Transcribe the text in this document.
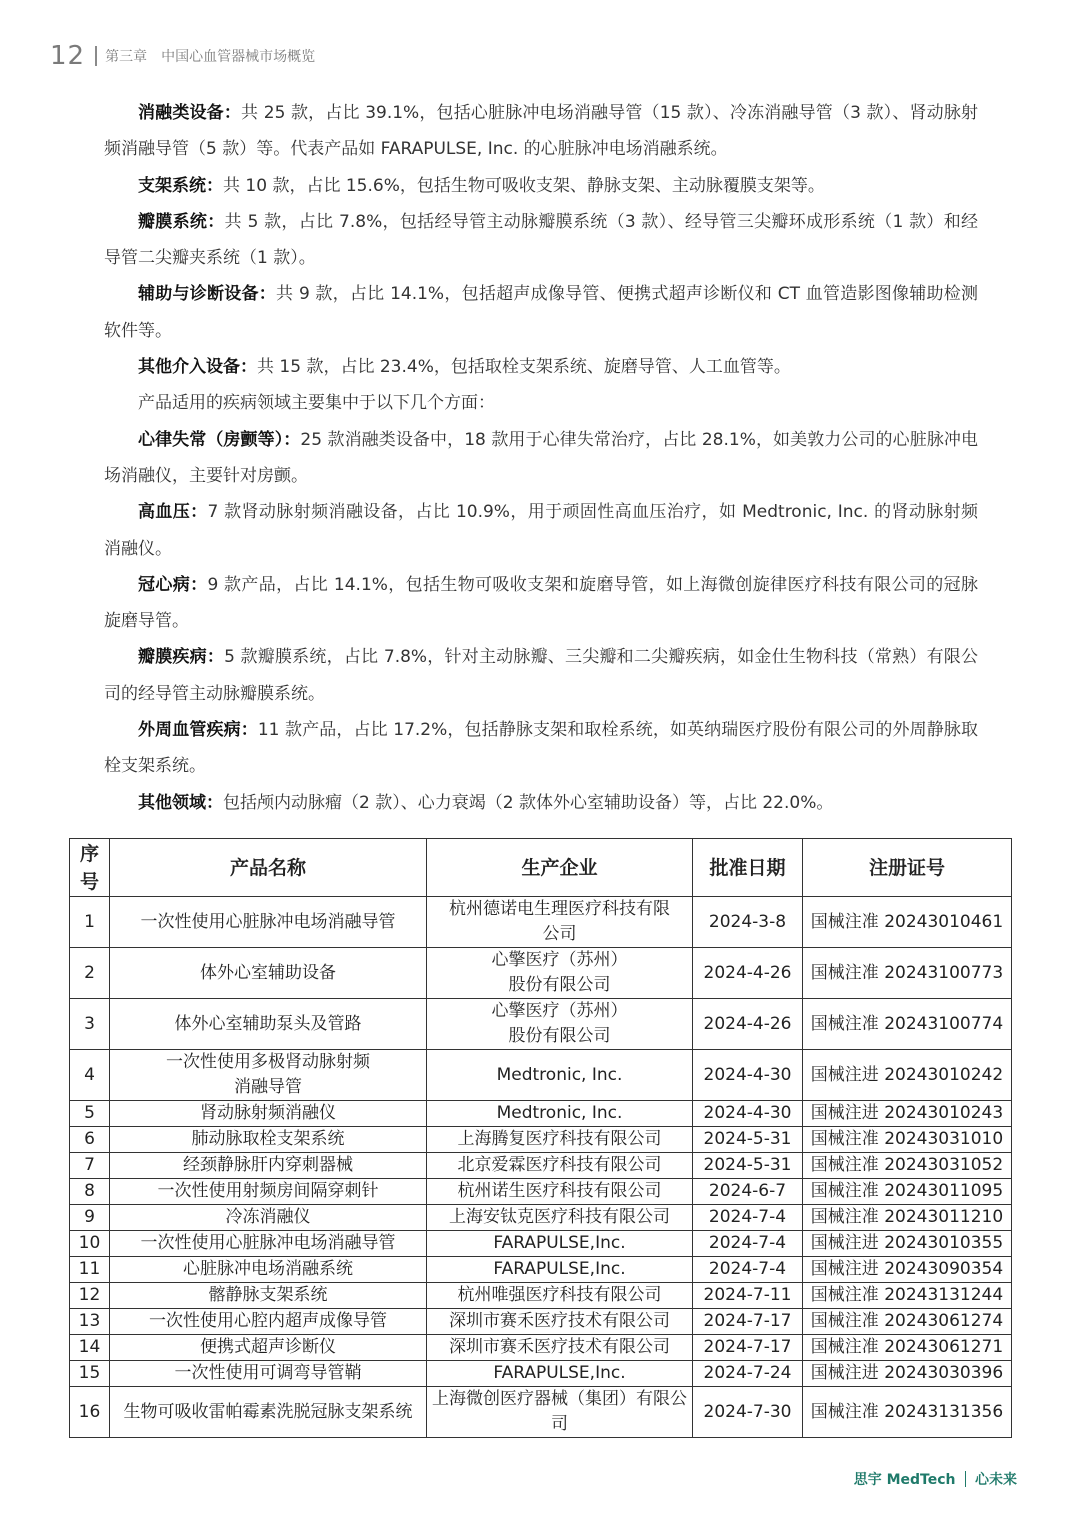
12 第三章 中国心血管器械市场概览

消融类设备：共 25 款，占比 39.1%，包括心脏脉冲电场消融导管（15 款）、冷冻消融导管（3 款）、肾动脉射频消融导管（5 款）等。代表产品如 FARAPULSE, Inc. 的心脏脉冲电场消融系统。

支架系统：共 10 款，占比 15.6%，包括生物可吸收支架、静脉支架、主动脉覆膜支架等。

瓣膜系统：共 5 款，占比 7.8%，包括经导管主动脉瓣膜系统（3 款）、经导管三尖瓣环成形系统（1 款）和经导管二尖瓣夹系统（1 款）。

辅助与诊断设备：共 9 款，占比 14.1%，包括超声成像导管、便携式超声诊断仪和 CT 血管造影图像辅助检测软件等。

其他介入设备：共 15 款，占比 23.4%，包括取栓支架系统、旋磨导管、人工血管等。

产品适用的疾病领域主要集中于以下几个方面：

心律失常（房颤等）：25 款消融类设备中，18 款用于心律失常治疗，占比 28.1%，如美敦力公司的心脏脉冲电场消融仪，主要针对房颤。

高血压：7 款肾动脉射频消融设备，占比 10.9%，用于顽固性高血压治疗，如 Medtronic, Inc. 的肾动脉射频消融仪。

冠心病：9 款产品，占比 14.1%，包括生物可吸收支架和旋磨导管，如上海微创旋律医疗科技有限公司的冠脉旋磨导管。

瓣膜疾病：5 款瓣膜系统，占比 7.8%，针对主动脉瓣、三尖瓣和二尖瓣疾病，如金仕生物科技（常熟）有限公司的经导管主动脉瓣膜系统。

外周血管疾病：11 款产品，占比 17.2%，包括静脉支架和取栓系统，如英纳瑞医疗股份有限公司的外周静脉取栓支架系统。

其他领域：包括颅内动脉瘤（2 款）、心力衰竭（2 款体外心室辅助设备）等，占比 22.0%。

序号	产品名称	生产企业	批准日期	注册证号
1	一次性使用心脏脉冲电场消融导管	杭州德诺电生理医疗科技有限公司	2024-3-8	国械注准 20243010461
2	体外心室辅助设备	心擎医疗（苏州）股份有限公司	2024-4-26	国械注准 20243100773
3	体外心室辅助泵头及管路	心擎医疗（苏州）股份有限公司	2024-4-26	国械注准 20243100774
4	一次性使用多极肾动脉射频消融导管	Medtronic, Inc.	2024-4-30	国械注进 20243010242
5	肾动脉射频消融仪	Medtronic, Inc.	2024-4-30	国械注进 20243010243
6	肺动脉取栓支架系统	上海腾复医疗科技有限公司	2024-5-31	国械注准 20243031010
7	经颈静脉肝内穿刺器械	北京爱霖医疗科技有限公司	2024-5-31	国械注准 20243031052
8	一次性使用射频房间隔穿刺针	杭州诺生医疗科技有限公司	2024-6-7	国械注准 20243011095
9	冷冻消融仪	上海安钛克医疗科技有限公司	2024-7-4	国械注准 20243011210
10	一次性使用心脏脉冲电场消融导管	FARAPULSE,Inc.	2024-7-4	国械注进 20243010355
11	心脏脉冲电场消融系统	FARAPULSE,Inc.	2024-7-4	国械注进 20243090354
12	髂静脉支架系统	杭州唯强医疗科技有限公司	2024-7-11	国械注准 20243131244
13	一次性使用心腔内超声成像导管	深圳市赛禾医疗技术有限公司	2024-7-17	国械注准 20243061274
14	便携式超声诊断仪	深圳市赛禾医疗技术有限公司	2024-7-17	国械注准 20243061271
15	一次性使用可调弯导管鞘	FARAPULSE,Inc.	2024-7-24	国械注进 20243030396
16	生物可吸收雷帕霉素洗脱冠脉支架系统	上海微创医疗器械（集团）有限公司	2024-7-30	国械注准 20243131356
思宇 MedTech 心未来
